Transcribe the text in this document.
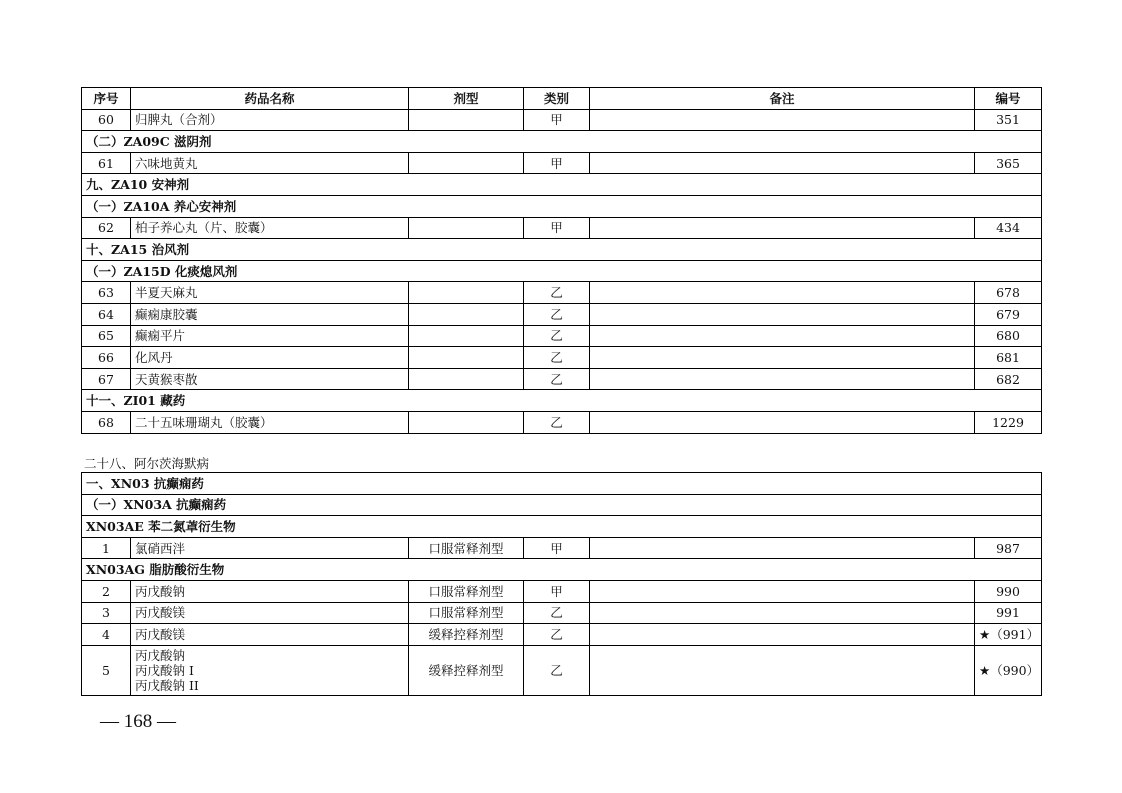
序号	药品名称	剂型	类别	备注	编号
60	归脾丸（合剂）		甲		351
（二）ZA09C 滋阴剂					
61	六味地黄丸		甲		365
九、ZA10 安神剂					
（一）ZA10A 养心安神剂					
62	柏子养心丸（片、胶囊）		甲		434
十、ZA15 治风剂					
（一）ZA15D 化痰熄风剂					
63	半夏天麻丸		乙		678
64	癫痫康胶囊		乙		679
65	癫痫平片		乙		680
66	化风丹		乙		681
67	天黄猴枣散		乙		682
十一、ZI01 藏药					
68	二十五味珊瑚丸（胶囊）		乙		1229
二十八、阿尔茨海默病
一、XN03 抗癫痫药					
（一）XN03A 抗癫痫药					
XN03AE 苯二氮䓬衍生物					
1	氯硝西泮	口服常释剂型	甲		987
XN03AG 脂肪酸衍生物					
2	丙戊酸钠	口服常释剂型	甲		990
3	丙戊酸镁	口服常释剂型	乙		991
4	丙戊酸镁	缓释控释剂型	乙		★（991）
5	丙戊酸钠
丙戊酸钠 I
丙戊酸钠 II	缓释控释剂型	乙		★（990）
— 168 —
